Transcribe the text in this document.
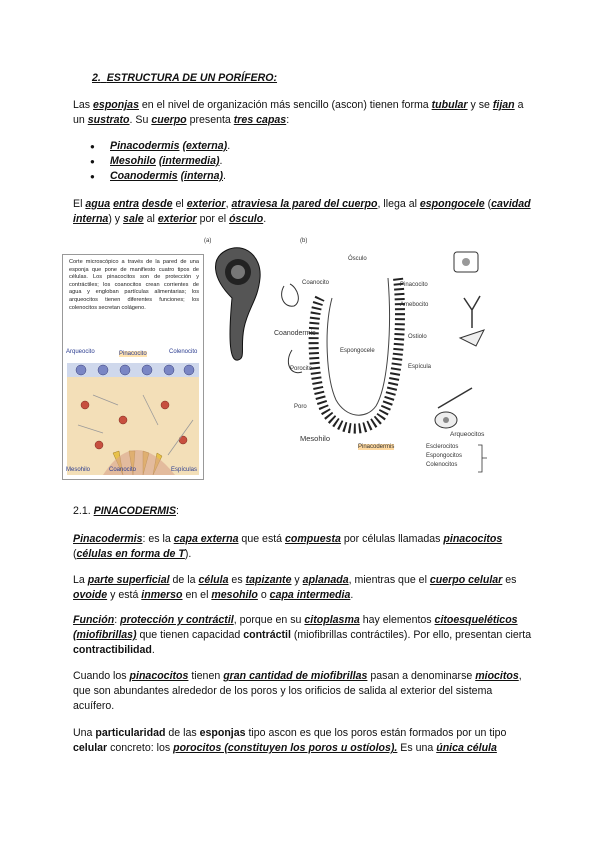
2. ESTRUCTURA DE UN PORÍFERO:

Las esponjas en el nivel de organización más sencillo (ascon) tienen forma tubular y se fijan a un sustrato. Su cuerpo presenta tres capas:

● Pinacodermis (externa).
● Mesohilo (intermedia).
● Coanodermis (interna).

El agua entra desde el exterior, atraviesa la pared del cuerpo, llega al espongocele (cavidad interna) y sale al exterior por el ósculo.

Corte microscópico a través de la pared de una esponja que pone de manifiesto cuatro tipos de células. Los pinacocitos son de protección y contráctiles; los coanocitos crean corrientes de agua y engloban partículas alimentarias; los arqueocitos tienen diferentes funciones; los colenocitos secretan colágeno.
Arqueocito	Pinacocito	Colenocito
Mesohilo	Coanocito	Espículas
(a)	(b)
Ósculo
Coanocito
Coanodermis
Espongocele
Porocito
Pinacocito
Amebocito
Ostiolo
Espícula
Poro
Mesohilo
Pinacodermis
Arqueocitos
Esclerocitos
Espongocitos
Colenocitos
2.1. PINACODERMIS:

Pinacodermis: es la capa externa que está compuesta por células llamadas pinacocitos (células en forma de T).

La parte superficial de la célula es tapizante y aplanada, mientras que el cuerpo celular es ovoide y está inmerso en el mesohilo o capa intermedia.

Función: protección y contráctil, porque en su citoplasma hay elementos citoesqueléticos (miofibrillas) que tienen capacidad contráctil (miofibrillas contráctiles). Por ello, presentan cierta contractibilidad.

Cuando los pinacocitos tienen gran cantidad de miofibrillas pasan a denominarse miocitos, que son abundantes alrededor de los poros y los orificios de salida al exterior del sistema acuífero.

Una particularidad de las esponjas tipo ascon es que los poros están formados por un tipo celular concreto: los porocitos (constituyen los poros u ostíolos). Es una única célula
